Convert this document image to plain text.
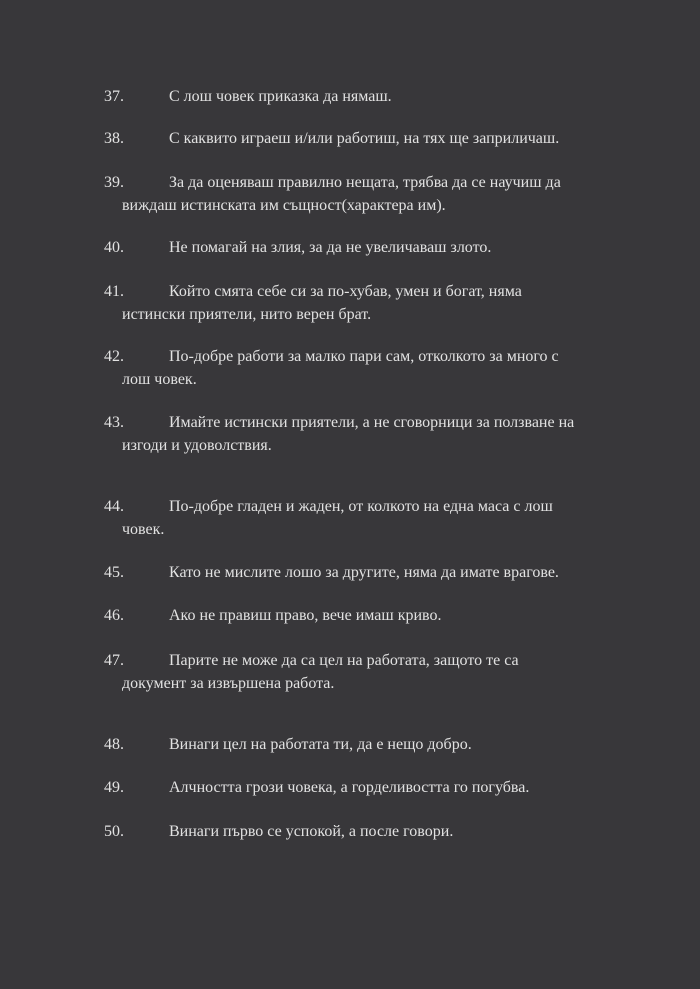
37.	С лош човек приказка да нямаш.
38.	С каквито играеш и/или работиш, на тях ще заприличаш.
39.	За да оценяваш правилно нещата, трябва да се научиш да
виждаш истинската им същност(характера им).
40.	Не помагай на злия, за да не увеличаваш злото.
41.	Който смята себе си за по-хубав, умен и богат, няма
истински приятели, нито верен брат.
42.	По-добре работи за малко пари сам, отколкото за много с
лош човек.
43.	Имайте истински приятели, а не сговорници за ползване на
изгоди и удоволствия.
44.	По-добре гладен и жаден, от колкото на една маса с лош
човек.
45.	Като не мислите лошо за другите, няма да имате врагове.
46.	Ако не правиш право, вече имаш криво.
47.	Парите не може да са цел на работата, защото те са
документ за извършена работа.
48.	Винаги цел на работата ти, да е нещо добро.
49.	Алчността грози човека, а горделивостта го погубва.
50.	Винаги първо се успокой, а после говори.
